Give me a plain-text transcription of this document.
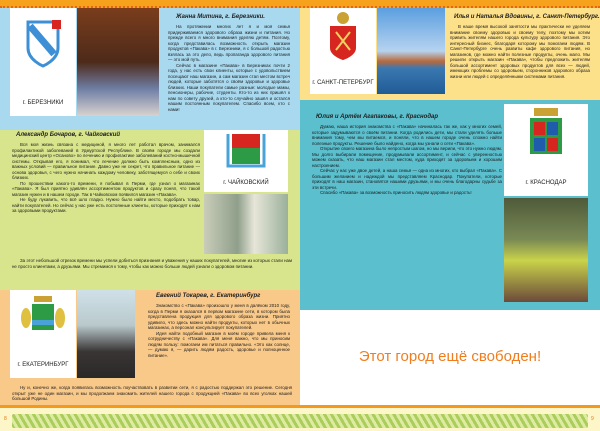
г. БЕРЕЗНИКИ
Жанна Митина, г. Березники.

На протяжении многих лет я и моя семья придерживаемся здорового образа жизни и питания. Но прежде всего я много внимания уделяю детям. Поэтому, когда представилась возможность открыть магазин продуктов «Пакава» в г. Березники, я с большой радостью взялась за это дело, ведь пропаганда здорового питания — это мой путь.

Сейчас в магазине «Пакава» в Березниках почти 2 года, у нас есть свои клиенты, которые с удовольствием посещают наш магазин, а сам магазин стал местом встреч людей, которые заботятся о своём здоровье и здоровье близких. Наши покупатели самые разные: молодые мамы, пенсионеры, рабочие, студенты. Кто-то из них пришёл к нам по совету друзей, а кто-то случайно зашёл и остался нашим постоянным покупателем. Спасибо всем, кто с нами!

Александр Бочаров, г. Чайковский

Вся моя жизнь связана с медициной, я много лет работал врачом, занимался профилактикой заболеваний в Удмуртской Республике. В своём городе мы создали медицинский центр «Осаново» по лечению и профилактике заболеваний костно-мышечной системы. Открывая его, я понимал, что лечение должно быть комплексным, одно из важных условий — правильное питание. Давно уже не секрет, что правильное питание — основа здоровья, с чего нужно начинать каждому человеку, заботящемуся о себе и своих близких.

По прошествии какого-то времени, я побывал в Перми, где узнал о магазинах «Пакава». Я был приятно удивлён ассортиментом продуктов и сразу понял, что такой магазин нужен и в нашем городе. Так в Чайковском появился магазин «Пакава».

Не буду лукавить, что всё шло гладко. Нужно было найти место, подобрать товар, найти покупателей. Но сейчас у нас уже есть постоянные клиенты, которые приходят к нам за здоровыми продуктами.

г. ЧАЙКОВСКИЙ
За этот небольшой отрезок времени мы успели добиться признания и уважения у наших покупателей, многие из которых стали нам не просто клиентами, а друзьями. Мы стремимся к тому, чтобы как можно больше людей узнали о здоровом питании.
г. ЕКАТЕРИНБУРГ
Евгений Токарев, г. Екатеринбург

Знакомство с «Пакава» произошло у меня в далёком 2010 году, когда в Перми я оказался в первом магазине сети, в котором была представлена продукция для здорового образа жизни. Приятно удивило, что здесь можно найти продукты, которых нет в обычных магазинах, а персонал консультирует покупателей.

Идея найти подобный магазин в моём городе привела меня к сотрудничеству с «Пакава». Для меня важно, что мы приносим людям пользу: помогаем им питаться правильно. «Это как солнце, — думаю я, — дарить людям радость, здоровье и полноценное питание».

Ну и, конечно же, когда появилась возможность поучаствовать в развитии сети, я с радостью поддержал это решение. Сегодня открыт уже не один магазин, и мы продолжаем знакомить жителей нашего города с продукцией «Пакава» во всех уголках нашей большой Родины.
г. САНКТ-ПЕТЕРБУРГ
Илья и Наталья Вдовины, г. Санкт-Петербург.

В наше время высокой занятости мы практически не уделяем внимание своему здоровью и своему телу, поэтому мы хотим привить жителям нашего города культуру здорового питания. Это интересный бизнес, благодаря которому мы помогаем людям. В Санкт-Петербурге очень развиты кафе здорового питания, но магазинов, где можно найти полезные продукты, очень мало. Мы решили открыть магазин «Пакава», чтобы предложить жителям большой ассортимент здоровых продуктов для всех — людей, имеющих проблемы со здоровьем, сторонников здорового образа жизни или людей с определёнными системами питания.

Юлия и Артём Агапаковы, г. Краснодар

Думаю, наша история знакомства с «Пакава» начиналась так же, как у многих семей, которые задумываются о своём питании. Когда родились дети, мы стали уделять больше внимания тому, чем мы питаемся, и поняли, что в нашем городе очень сложно найти полезные продукты. Решение было найдено, когда мы узнали о сети «Пакава».

Открытие своего магазина было непростым шагом, но мы верили, что это нужно людям. Мы долго выбирали помещение, продумывали ассортимент, и сейчас с уверенностью можем сказать, что наш магазин стал местом, куда приходят за здоровьем и хорошим настроением.

Сейчас у нас уже двое детей, а наша семья — одна из многих, кто выбрал «Пакава». С большим желанием и надеждой мы представляем Краснодар. Покупатели, которые приходят в наш магазин, становятся нашими друзьями, и мы очень благодарны судьбе за эти встречи.

Спасибо «Пакава» за возможность приносить людям здоровье и радость!

г. КРАСНОДАР
Этот город ещё свободен!
8	9
